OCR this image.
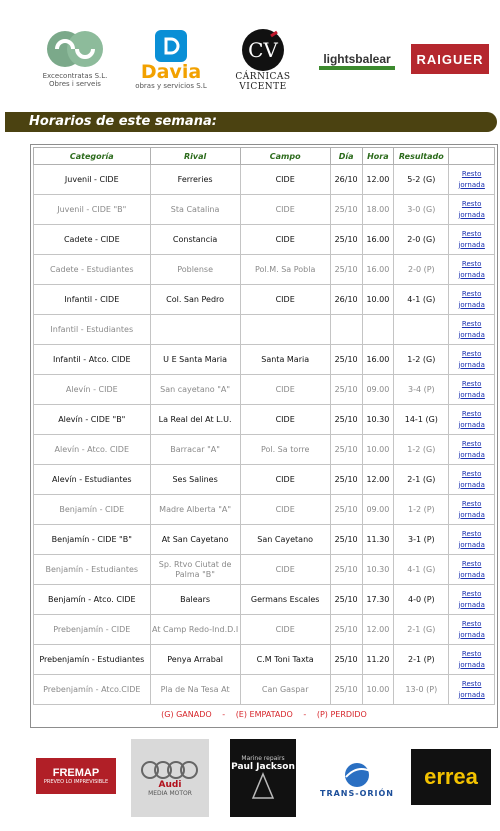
Excecontratas S.L.
Obres i serveis
Davia
obras y servicios S.L
CV
CÁRNICAS
VICENTE
lightsbalear RAIGUER
Horarios de este semana:
Categoría	Rival	Campo	Día	Hora	Resultado	
Juvenil - CIDE	Ferreries	CIDE	26/10	12.00	5-2 (G)	Resto jornada
Juvenil - CIDE "B"	Sta Catalina	CIDE	25/10	18.00	3-0 (G)	Resto jornada
Cadete - CIDE	Constancia	CIDE	25/10	16.00	2-0 (G)	Resto jornada
Cadete - Estudiantes	Poblense	Pol.M. Sa Pobla	25/10	16.00	2-0 (P)	Resto jornada
Infantil - CIDE	Col. San Pedro	CIDE	26/10	10.00	4-1 (G)	Resto jornada
Infantil - Estudiantes						Resto jornada
Infantil - Atco. CIDE	U E Santa Maria	Santa Maria	25/10	16.00	1-2 (G)	Resto jornada
Alevín - CIDE	San cayetano "A"	CIDE	25/10	09.00	3-4 (P)	Resto jornada
Alevín - CIDE "B"	La Real del At L.U.	CIDE	25/10	10.30	14-1 (G)	Resto jornada
Alevín - Atco. CIDE	Barracar "A"	Pol. Sa torre	25/10	10.00	1-2 (G)	Resto jornada
Alevín - Estudiantes	Ses Salines	CIDE	25/10	12.00	2-1 (G)	Resto jornada
Benjamín - CIDE	Madre Alberta "A"	CIDE	25/10	09.00	1-2 (P)	Resto jornada
Benjamín - CIDE "B"	At San Cayetano	San Cayetano	25/10	11.30	3-1 (P)	Resto jornada
Benjamín - Estudiantes	Sp. Rtvo Ciutat de Palma "B"	CIDE	25/10	10.30	4-1 (G)	Resto jornada
Benjamín - Atco. CIDE	Balears	Germans Escales	25/10	17.30	4-0 (P)	Resto jornada
Prebenjamín - CIDE	At Camp Redo-Ind.D.I	CIDE	25/10	12.00	2-1 (G)	Resto jornada
Prebenjamín - Estudiantes	Penya Arrabal	C.M Toni Taxta	25/10	11.20	2-1 (P)	Resto jornada
Prebenjamín - Atco.CIDE	Pla de Na Tesa At	Can Gaspar	25/10	10.00	13-0 (P)	Resto jornada
(G) GANADO - (E) EMPATADO - (P) PERDIDO
FREMAP
PREVEO LO IMPREVISIBLE	Audi
MEDIA MOTOR
Marine repairs
Paul Jackson
TRANS-ORIÓN
errea
